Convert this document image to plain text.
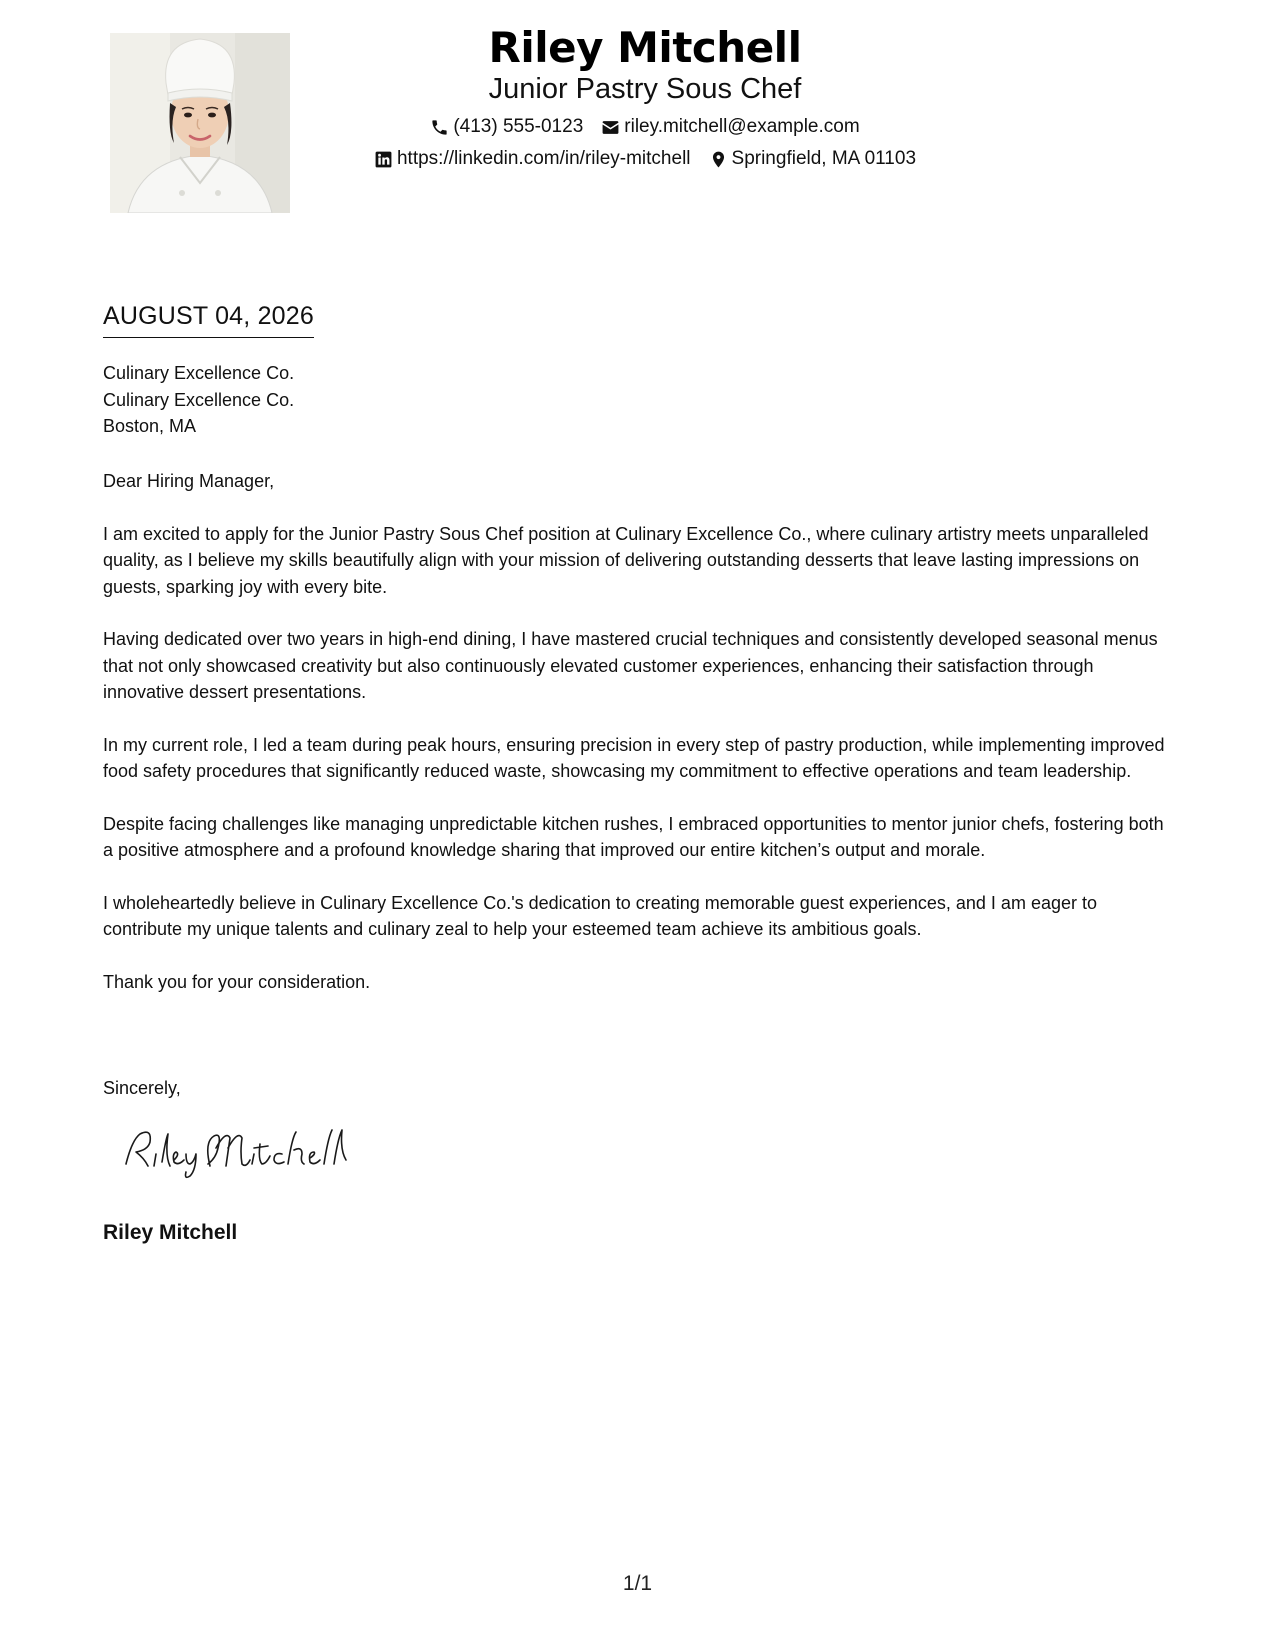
Riley Mitchell
Junior Pastry Sous Chef
(413) 555-0123 riley.mitchell@example.com
https://linkedin.com/in/riley-mitchell Springfield, MA 01103
AUGUST 04, 2026
Culinary Excellence Co.
Culinary Excellence Co.
Boston, MA

Dear Hiring Manager,

I am excited to apply for the Junior Pastry Sous Chef position at Culinary Excellence Co., where culinary artistry meets unparalleled quality, as I believe my skills beautifully align with your mission of delivering outstanding desserts that leave lasting impressions on guests, sparking joy with every bite.

Having dedicated over two years in high-end dining, I have mastered crucial techniques and consistently developed seasonal menus that not only showcased creativity but also continuously elevated customer experiences, enhancing their satisfaction through innovative dessert presentations.

In my current role, I led a team during peak hours, ensuring precision in every step of pastry production, while implementing improved food safety procedures that significantly reduced waste, showcasing my commitment to effective operations and team leadership.

Despite facing challenges like managing unpredictable kitchen rushes, I embraced opportunities to mentor junior chefs, fostering both a positive atmosphere and a profound knowledge sharing that improved our entire kitchen’s output and morale.

I wholeheartedly believe in Culinary Excellence Co.'s dedication to creating memorable guest experiences, and I am eager to contribute my unique talents and culinary zeal to help your esteemed team achieve its ambitious goals.

Thank you for your consideration.

Sincerely,
Riley Mitchell
1/1
